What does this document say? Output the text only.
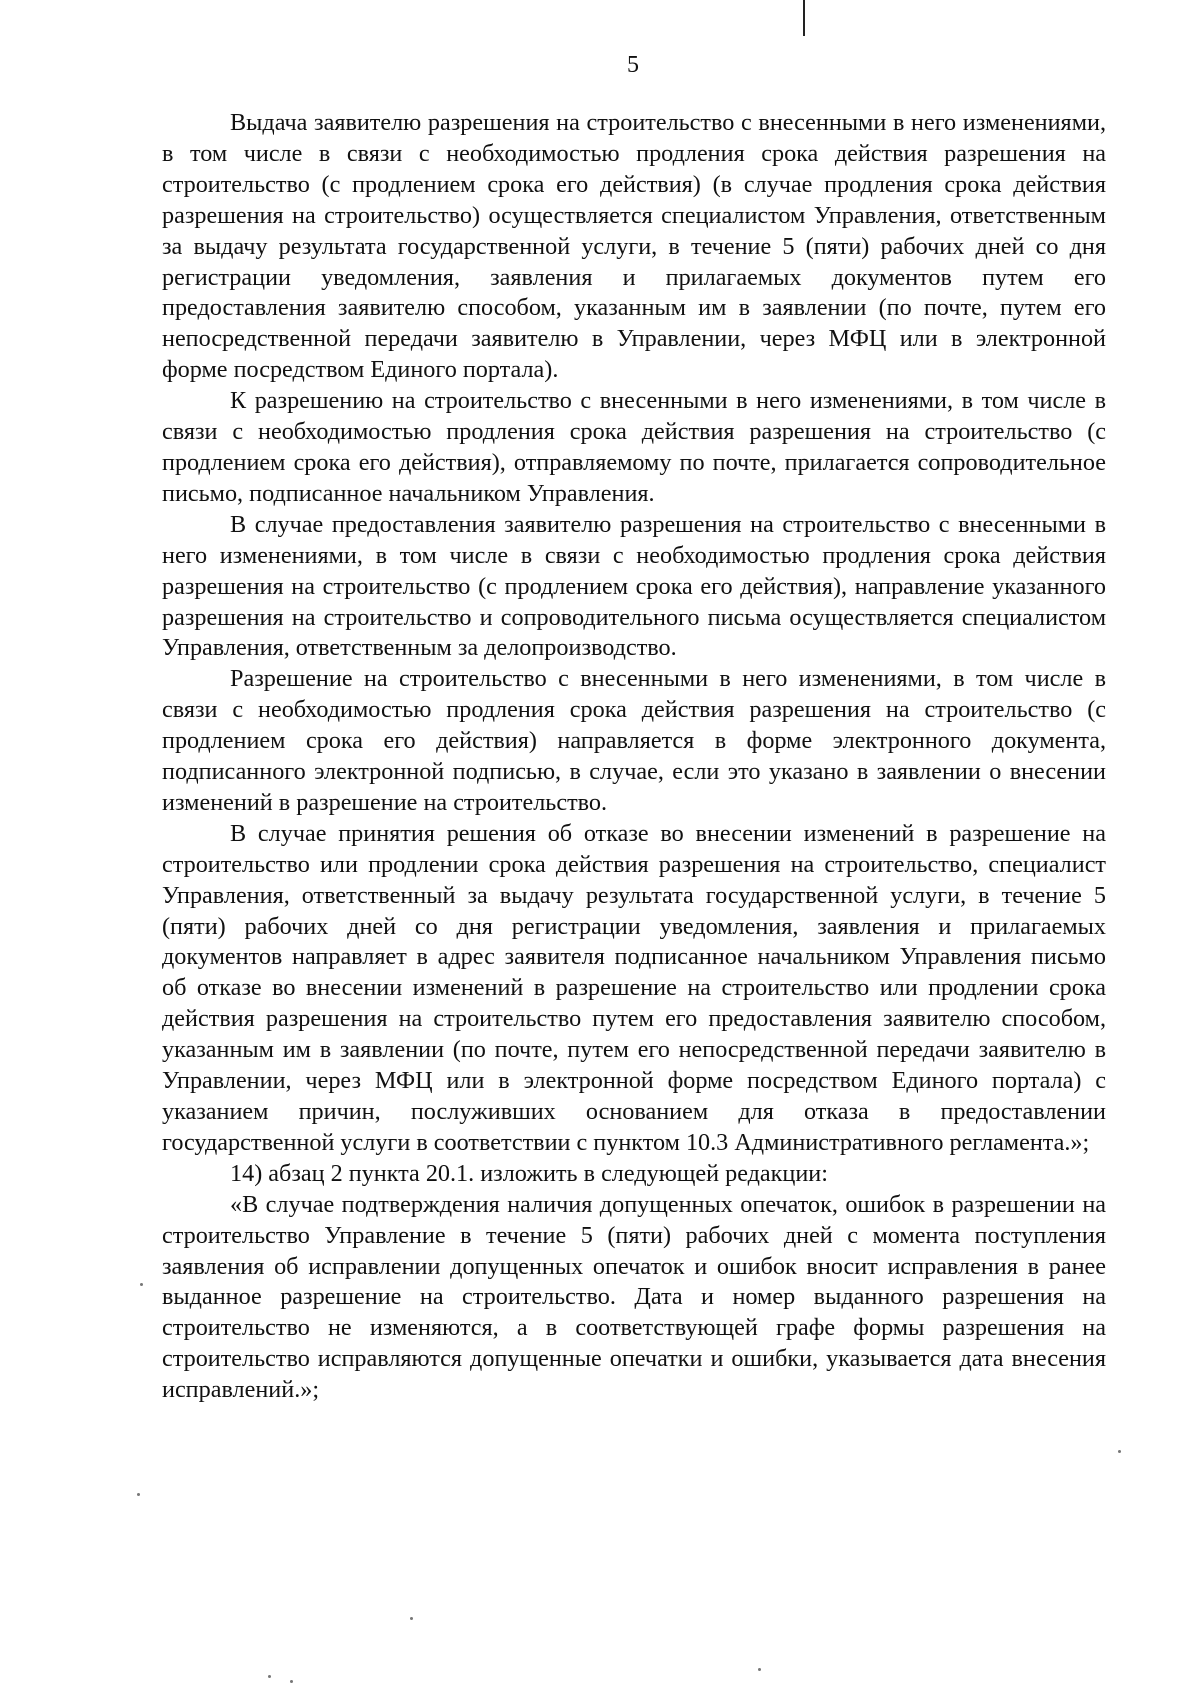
5

Выдача заявителю разрешения на строительство с внесенными в него изменениями, в том числе в связи с необходимостью продления срока действия разрешения на строительство (с продлением срока его действия) (в случае продления срока действия разрешения на строительство) осуществляется специалистом Управления, ответственным за выдачу результата государственной услуги, в течение 5 (пяти) рабочих дней со дня регистрации уведомления, заявления и прилагаемых документов путем его предоставления заявителю способом, указанным им в заявлении (по почте, путем его непосредственной передачи заявителю в Управлении, через МФЦ или в электронной форме посредством Единого портала).

К разрешению на строительство с внесенными в него изменениями, в том числе в связи с необходимостью продления срока действия разрешения на строительство (с продлением срока его действия), отправляемому по почте, прилагается сопроводительное письмо, подписанное начальником Управления.

В случае предоставления заявителю разрешения на строительство с внесенными в него изменениями, в том числе в связи с необходимостью продления срока действия разрешения на строительство (с продлением срока его действия), направление указанного разрешения на строительство и сопроводительного письма осуществляется специалистом Управления, ответственным за делопроизводство.

Разрешение на строительство с внесенными в него изменениями, в том числе в связи с необходимостью продления срока действия разрешения на строительство (с продлением срока его действия) направляется в форме электронного документа, подписанного электронной подписью, в случае, если это указано в заявлении о внесении изменений в разрешение на строительство.

В случае принятия решения об отказе во внесении изменений в разрешение на строительство или продлении срока действия разрешения на строительство, специалист Управления, ответственный за выдачу результата государственной услуги, в течение 5 (пяти) рабочих дней со дня регистрации уведомления, заявления и прилагаемых документов направляет в адрес заявителя подписанное начальником Управления письмо об отказе во внесении изменений в разрешение на строительство или продлении срока действия разрешения на строительство путем его предоставления заявителю способом, указанным им в заявлении (по почте, путем его непосредственной передачи заявителю в Управлении, через МФЦ или в электронной форме посредством Единого портала) с указанием причин, послуживших основанием для отказа в предоставлении государственной услуги в соответствии с пунктом 10.3 Административного регламента.»;

14) абзац 2 пункта 20.1. изложить в следующей редакции:

«В случае подтверждения наличия допущенных опечаток, ошибок в разрешении на строительство Управление в течение 5 (пяти) рабочих дней с момента поступления заявления об исправлении допущенных опечаток и ошибок вносит исправления в ранее выданное разрешение на строительство. Дата и номер выданного разрешения на строительство не изменяются, а в соответствующей графе формы разрешения на строительство исправляются допущенные опечатки и ошибки, указывается дата внесения исправлений.»;
